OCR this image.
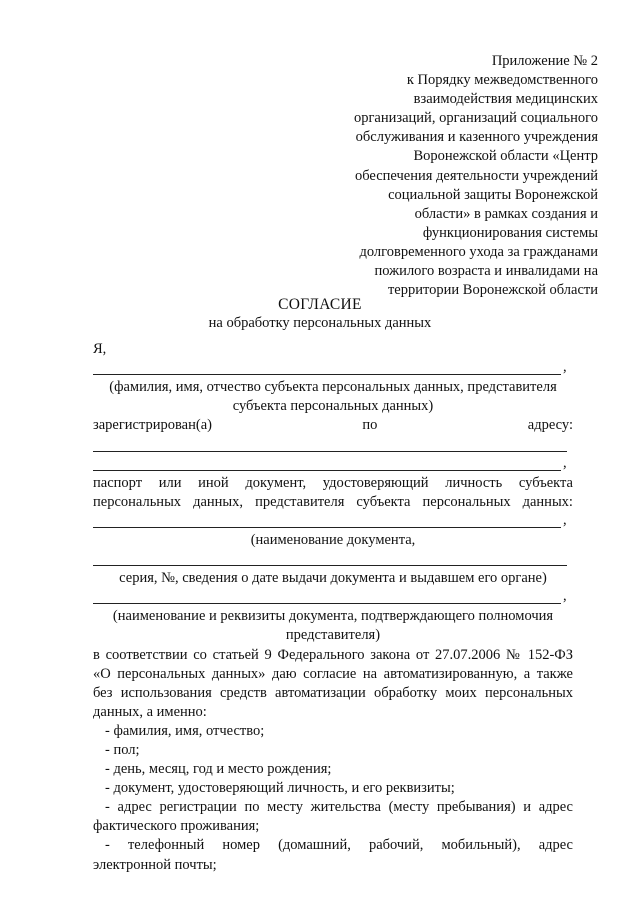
Приложение № 2
к Порядку межведомственного
взаимодействия медицинских
организаций, организаций социального
обслуживания и казенного учреждения
Воронежской области «Центр
обеспечения деятельности учреждений
социальной защиты Воронежской
области» в рамках создания и
функционирования системы
долговременного ухода за гражданами
пожилого возраста и инвалидами на
территории Воронежской области
СОГЛАСИЕ
на обработку персональных данных
Я,
,
(фамилия, имя, отчество субъекта персональных данных, представителя
субъекта персональных данных)
зарегистрирован(а)	по	адресу:
,
паспорт или иной документ, удостоверяющий личность субъекта
персональных данных, представителя субъекта персональных данных:
,
(наименование документа,
серия, №, сведения о дате выдачи документа и выдавшем его органе)
,
(наименование и реквизиты документа, подтверждающего полномочия
представителя)
в соответствии со статьей 9 Федерального закона от 27.07.2006 № 152-ФЗ
«О персональных данных» даю согласие на автоматизированную, а также
без использования средств автоматизации обработку моих персональных
данных, а именно:
- фамилия, имя, отчество;
- пол;
- день, месяц, год и место рождения;
- документ, удостоверяющий личность, и его реквизиты;
- адрес регистрации по месту жительства (месту пребывания) и адрес
фактического проживания;
- телефонный номер (домашний, рабочий, мобильный), адрес
электронной почты;
